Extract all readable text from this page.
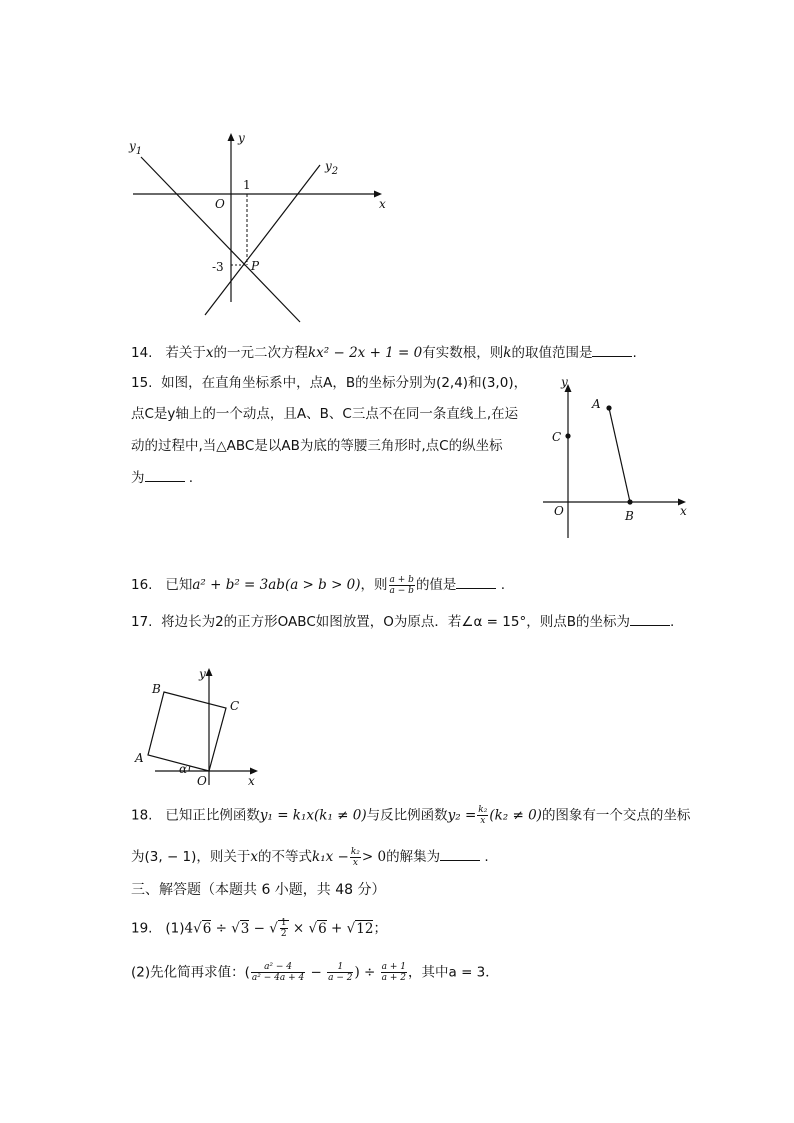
$y_1$
$y_2$
y
x
O
1
-3 P
14. 若关于x的一元二次方程kx² − 2x + 1 = 0有实数根，则k的取值范围是	.
15. 如图，在直角坐标系中，点A，B的坐标分别为(2,4)和(3,0)，
点C是y轴上的一个动点，且A、B、C三点不在同一条直线上,在运
动的过程中,当△ABC是以AB为底的等腰三角形时,点C的纵坐标
为	.
y
x
O
A
B
C
16. 已知a² + b² = 3ab(a > b > 0)，则 $\frac{a + b}{a - b}$ 的值是	.
17. 将边长为2的正方形OABC如图放置，O为原点．若∠α = 15°，则点B的坐标为	.
y
x
O
A
B
C
α
18. 已知正比例函数y₁ = k₁x(k₁ ≠ 0)与反比例函数$y_2 = \frac{\text{k₂}}{x} (k_2 \ne 0)$的图象有一个交点的坐标
为(3, − 1)，则关于x的不等式$k_1x - \frac{\text{k₂}}{x} > 0$的解集为	.
三、解答题（本题共 6 小题，共 48 分）
19. (1)4√6 ÷ √3 − √ $\frac{1}{2} \times √6 + √12$；
(2)先化简再求值：( $\frac{\text{a² − 4}}{\text{a² − 4a + 4}} - \frac{1}{a - 2}$ ) ÷ $\frac{a + 1}{a + 2}$ ，其中a = 3．
